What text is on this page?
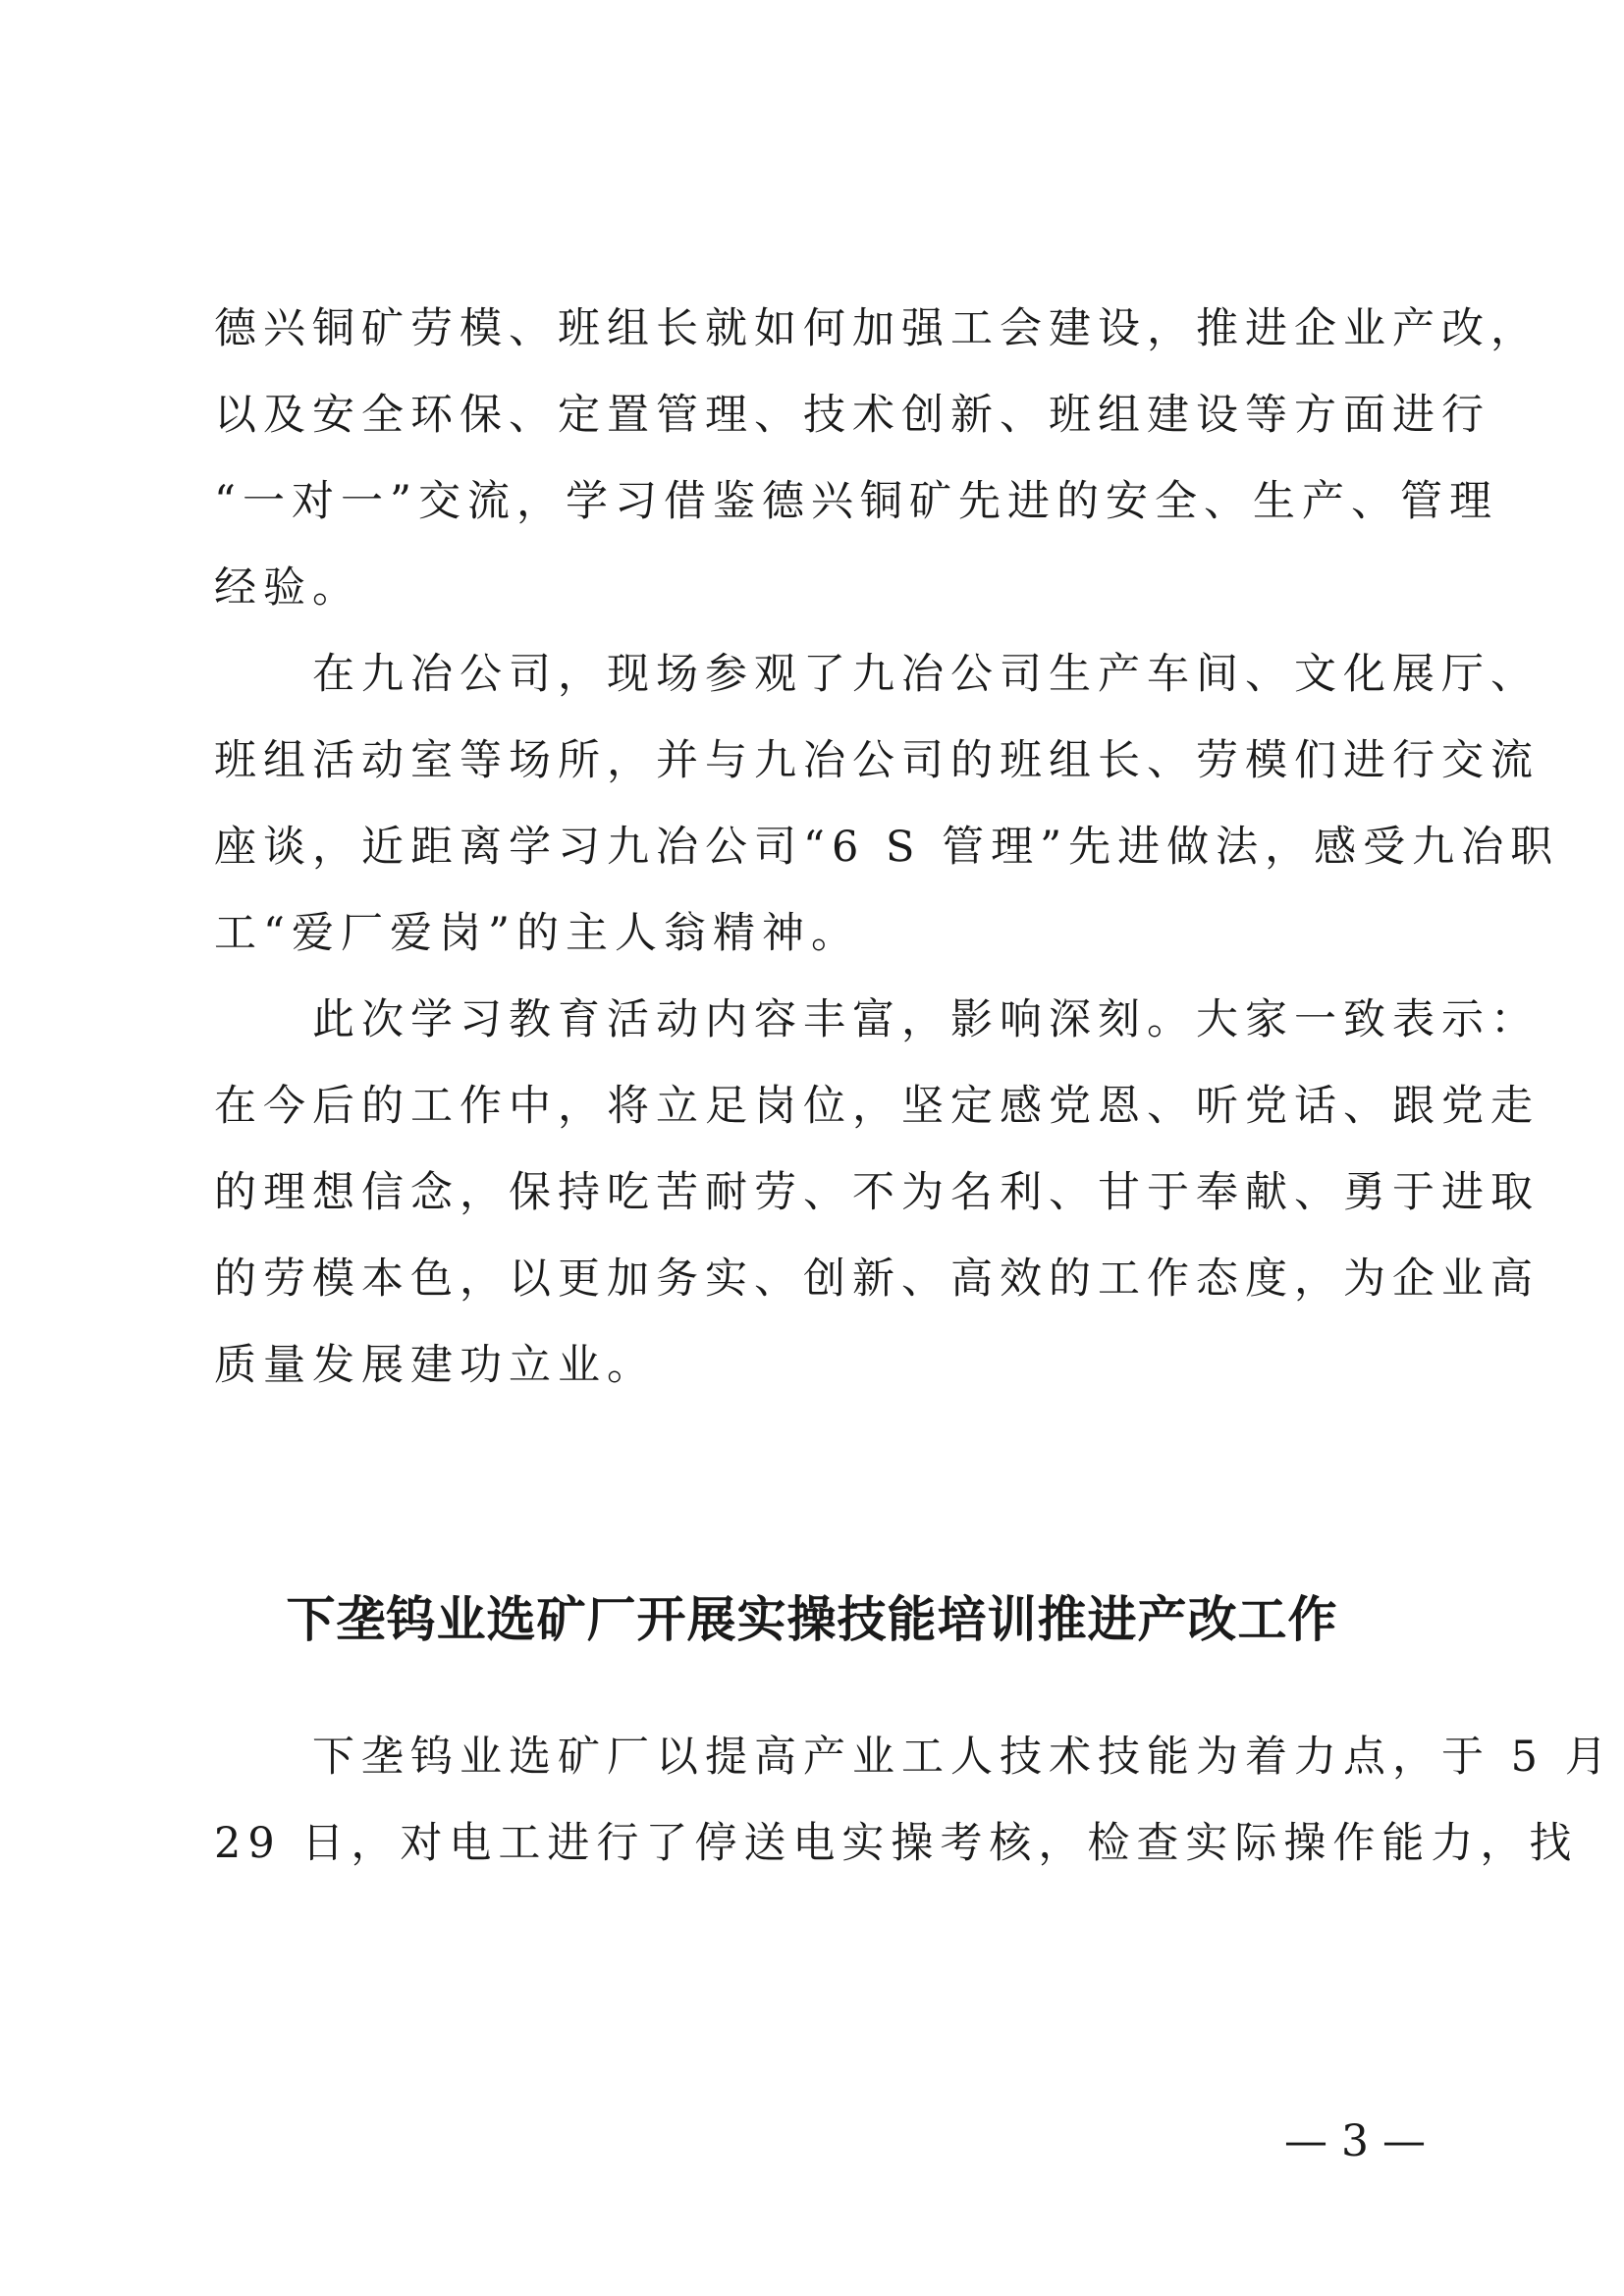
德兴铜矿劳模、班组长就如何加强工会建设，推进企业产改，
以及安全环保、定置管理、技术创新、班组建设等方面进行
“一对一”交流，学习借鉴德兴铜矿先进的安全、生产、管理
经验。
　　在九冶公司，现场参观了九冶公司生产车间、文化展厅、
班组活动室等场所，并与九冶公司的班组长、劳模们进行交流
座谈，近距离学习九冶公司“6 S 管理”先进做法，感受九冶职
工“爱厂爱岗”的主人翁精神。
　　此次学习教育活动内容丰富，影响深刻。大家一致表示：
在今后的工作中，将立足岗位，坚定感党恩、听党话、跟党走
的理想信念，保持吃苦耐劳、不为名利、甘于奉献、勇于进取
的劳模本色，以更加务实、创新、高效的工作态度，为企业高
质量发展建功立业。
下垄钨业选矿厂开展实操技能培训推进产改工作
　　下垄钨业选矿厂以提高产业工人技术技能为着力点，于 5 月
29 日，对电工进行了停送电实操考核，检查实际操作能力，找
— 3 —
